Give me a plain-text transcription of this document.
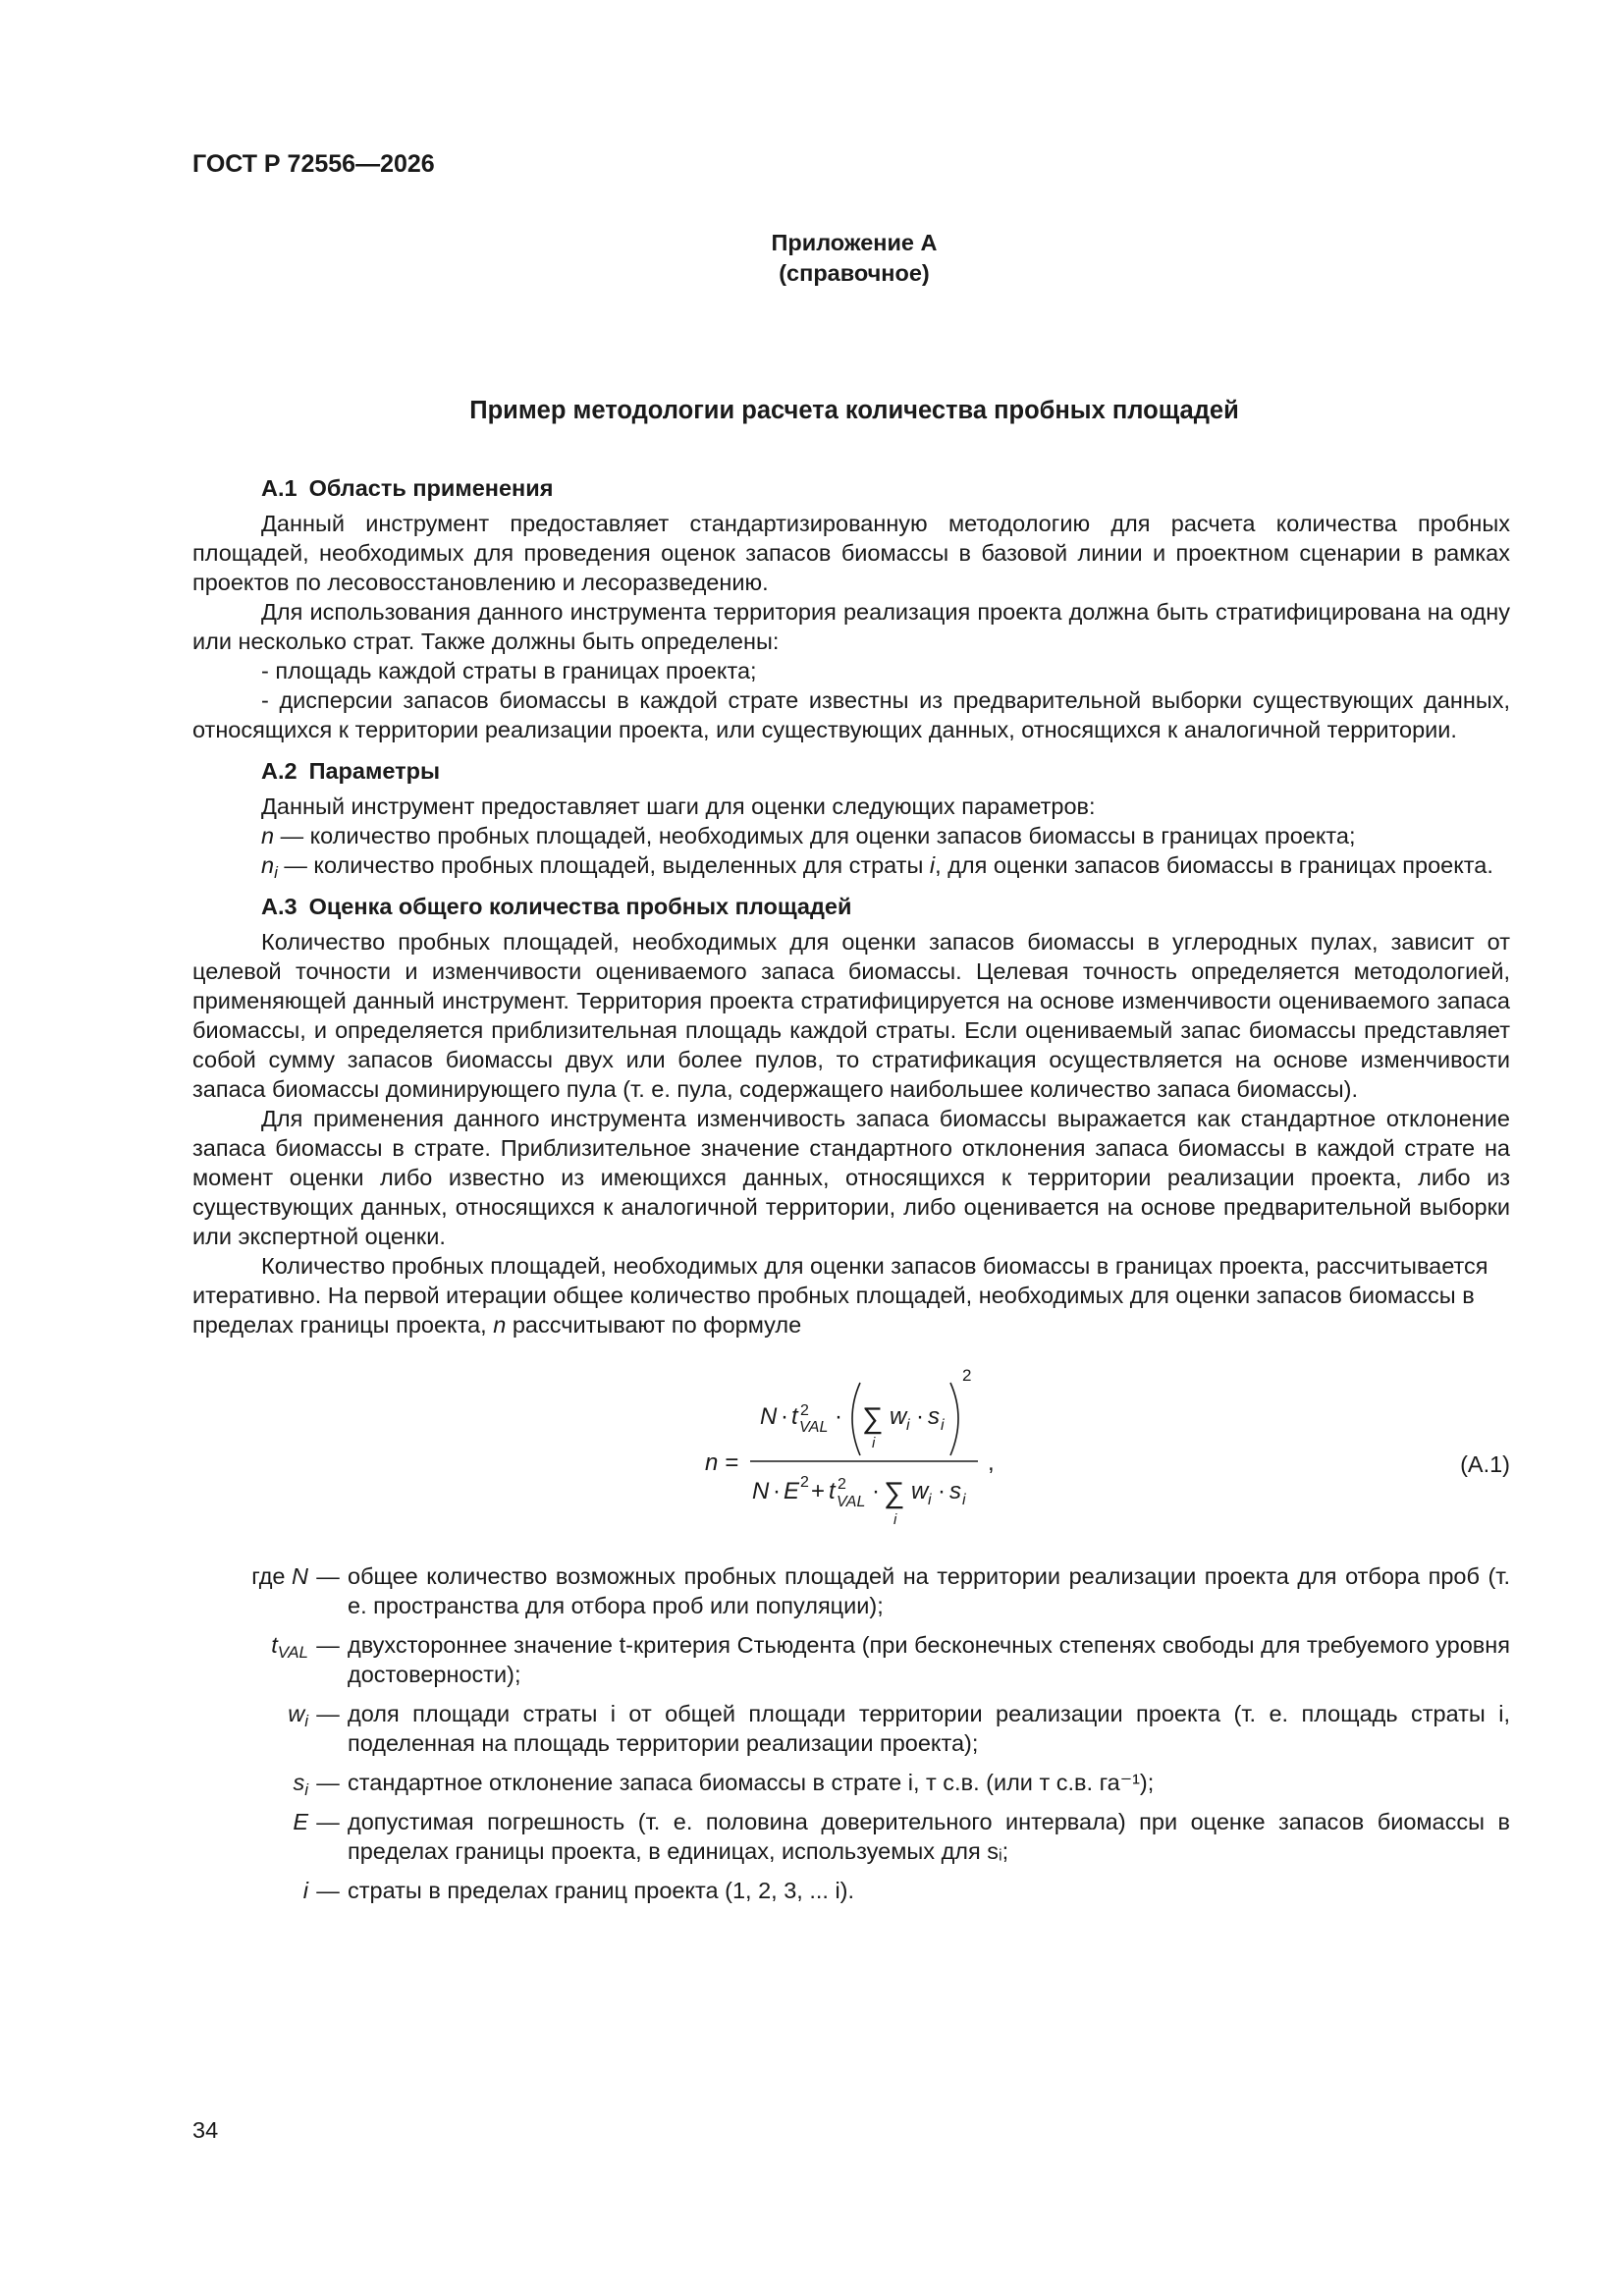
ГОСТ Р 72556—2026
Приложение А
(справочное)
Пример методологии расчета количества пробных площадей
А.1 Область применения

Данный инструмент предоставляет стандартизированную методологию для расчета количества пробных площадей, необходимых для проведения оценок запасов биомассы в базовой линии и проектном сценарии в рамках проектов по лесовосстановлению и лесоразведению.

Для использования данного инструмента территория реализация проекта должна быть стратифицирована на одну или несколько страт. Также должны быть определены:

- площадь каждой страты в границах проекта;

- дисперсии запасов биомассы в каждой страте известны из предварительной выборки существующих данных, относящихся к территории реализации проекта, или существующих данных, относящихся к аналогичной территории.

А.2 Параметры

Данный инструмент предоставляет шаги для оценки следующих параметров:

n — количество пробных площадей, необходимых для оценки запасов биомассы в границах проекта;

$n_i$ — количество пробных площадей, выделенных для страты i, для оценки запасов биомассы в границах проекта.

А.3 Оценка общего количества пробных площадей

Количество пробных площадей, необходимых для оценки запасов биомассы в углеродных пулах, зависит от целевой точности и изменчивости оцениваемого запаса биомассы. Целевая точность определяется методологией, применяющей данный инструмент. Территория проекта стратифицируется на основе изменчивости оцениваемого запаса биомассы, и определяется приблизительная площадь каждой страты. Если оцениваемый запас биомассы представляет собой сумму запасов биомассы двух или более пулов, то стратификация осуществляется на основе изменчивости запаса биомассы доминирующего пула (т. е. пула, содержащего наибольшее количество запаса биомассы).

Для применения данного инструмента изменчивость запаса биомассы выражается как стандартное отклонение запаса биомассы в страте. Приблизительное значение стандартного отклонения запаса биомассы в каждой страте на момент оценки либо известно из имеющихся данных, относящихся к территории реализации проекта, либо из существующих данных, относящихся к аналогичной территории, либо оценивается на основе предварительной выборки или экспертной оценки.

Количество пробных площадей, необходимых для оценки запасов биомассы в границах проекта, рассчитывается итеративно. На первой итерации общее количество пробных площадей, необходимых для оценки запасов биомассы в пределах границы проекта, n рассчитывают по формуле

n =
N · t 2
VAL ·
2
∑
i
w i · s i
N · E 2 + t 2
VAL · ∑
i
w i · s i
,	(А.1)
где N — общее количество возможных пробных площадей на территории реализации проекта для отбора проб (т. е. пространства для отбора проб или популяции);
$t_{VAL}$ — двухстороннее значение t-критерия Стьюдента (при бесконечных степенях свободы для требуемого уровня достоверности);
$w_i$ — доля площади страты i от общей площади территории реализации проекта (т. е. площадь страты i, поделенная на площадь территории реализации проекта);
$s_i$ — стандартное отклонение запаса биомассы в страте i, т с.в. (или т с.в. га⁻¹);
E — допустимая погрешность (т. е. половина доверительного интервала) при оценке запасов биомассы в пределах границы проекта, в единицах, используемых для sᵢ;
i — страты в пределах границ проекта (1, 2, 3, ... i).
34
